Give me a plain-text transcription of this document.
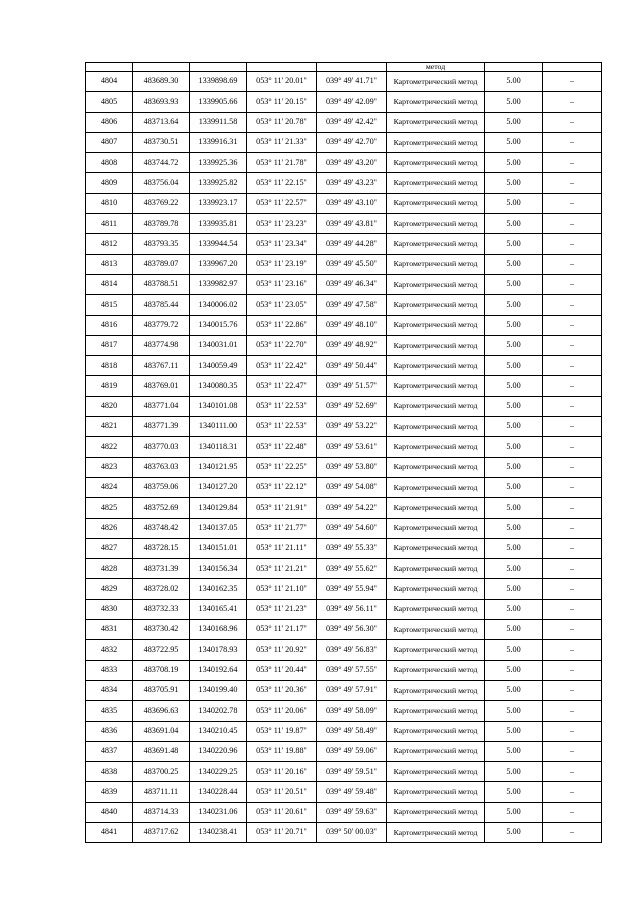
					метод		
4804	483689.30	1339898.69	053° 11' 20.01"	039° 49' 41.71"	Картометрический метод	5.00	–
4805	483693.93	1339905.66	053° 11' 20.15"	039° 49' 42.09"	Картометрический метод	5.00	–
4806	483713.64	1339911.58	053° 11' 20.78"	039° 49' 42.42"	Картометрический метод	5.00	–
4807	483730.51	1339916.31	053° 11' 21.33"	039° 49' 42.70"	Картометрический метод	5.00	–
4808	483744.72	1339925.36	053° 11' 21.78"	039° 49' 43.20"	Картометрический метод	5.00	–
4809	483756.04	1339925.82	053° 11' 22.15"	039° 49' 43.23"	Картометрический метод	5.00	–
4810	483769.22	1339923.17	053° 11' 22.57"	039° 49' 43.10"	Картометрический метод	5.00	–
4811	483789.78	1339935.81	053° 11' 23.23"	039° 49' 43.81"	Картометрический метод	5.00	–
4812	483793.35	1339944.54	053° 11' 23.34"	039° 49' 44.28"	Картометрический метод	5.00	–
4813	483789.07	1339967.20	053° 11' 23.19"	039° 49' 45.50"	Картометрический метод	5.00	–
4814	483788.51	1339982.97	053° 11' 23.16"	039° 49' 46.34"	Картометрический метод	5.00	–
4815	483785.44	1340006.02	053° 11' 23.05"	039° 49' 47.58"	Картометрический метод	5.00	–
4816	483779.72	1340015.76	053° 11' 22.86"	039° 49' 48.10"	Картометрический метод	5.00	–
4817	483774.98	1340031.01	053° 11' 22.70"	039° 49' 48.92"	Картометрический метод	5.00	–
4818	483767.11	1340059.49	053° 11' 22.42"	039° 49' 50.44"	Картометрический метод	5.00	–
4819	483769.01	1340080.35	053° 11' 22.47"	039° 49' 51.57"	Картометрический метод	5.00	–
4820	483771.04	1340101.08	053° 11' 22.53"	039° 49' 52.69"	Картометрический метод	5.00	–
4821	483771.39	1340111.00	053° 11' 22.53"	039° 49' 53.22"	Картометрический метод	5.00	–
4822	483770.03	1340118.31	053° 11' 22.48"	039° 49' 53.61"	Картометрический метод	5.00	–
4823	483763.03	1340121.95	053° 11' 22.25"	039° 49' 53.80"	Картометрический метод	5.00	–
4824	483759.06	1340127.20	053° 11' 22.12"	039° 49' 54.08"	Картометрический метод	5.00	–
4825	483752.69	1340129.84	053° 11' 21.91"	039° 49' 54.22"	Картометрический метод	5.00	–
4826	483748.42	1340137.05	053° 11' 21.77"	039° 49' 54.60"	Картометрический метод	5.00	–
4827	483728.15	1340151.01	053° 11' 21.11"	039° 49' 55.33"	Картометрический метод	5.00	–
4828	483731.39	1340156.34	053° 11' 21.21"	039° 49' 55.62"	Картометрический метод	5.00	–
4829	483728.02	1340162.35	053° 11' 21.10"	039° 49' 55.94"	Картометрический метод	5.00	–
4830	483732.33	1340165.41	053° 11' 21.23"	039° 49' 56.11"	Картометрический метод	5.00	–
4831	483730.42	1340168.96	053° 11' 21.17"	039° 49' 56.30"	Картометрический метод	5.00	–
4832	483722.95	1340178.93	053° 11' 20.92"	039° 49' 56.83"	Картометрический метод	5.00	–
4833	483708.19	1340192.64	053° 11' 20.44"	039° 49' 57.55"	Картометрический метод	5.00	–
4834	483705.91	1340199.40	053° 11' 20.36"	039° 49' 57.91"	Картометрический метод	5.00	–
4835	483696.63	1340202.78	053° 11' 20.06"	039° 49' 58.09"	Картометрический метод	5.00	–
4836	483691.04	1340210.45	053° 11' 19.87"	039° 49' 58.49"	Картометрический метод	5.00	–
4837	483691.48	1340220.96	053° 11' 19.88"	039° 49' 59.06"	Картометрический метод	5.00	–
4838	483700.25	1340229.25	053° 11' 20.16"	039° 49' 59.51"	Картометрический метод	5.00	–
4839	483711.11	1340228.44	053° 11' 20.51"	039° 49' 59.48"	Картометрический метод	5.00	–
4840	483714.33	1340231.06	053° 11' 20.61"	039° 49' 59.63"	Картометрический метод	5.00	–
4841	483717.62	1340238.41	053° 11' 20.71"	039° 50' 00.03"	Картометрический метод	5.00	–
